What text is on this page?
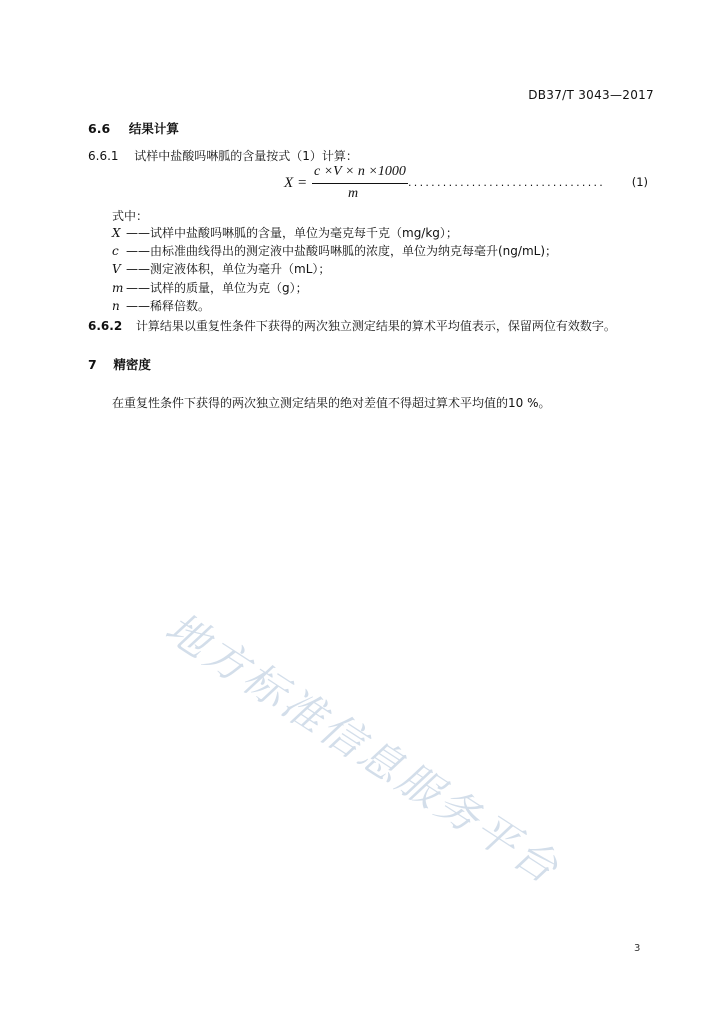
DB37/T 3043—2017
6.6 结果计算
6.6.1 试样中盐酸吗啉胍的含量按式（1）计算：
X =
c ×V × n ×1000
m
.................................. (1)
式中：
X ——试样中盐酸吗啉胍的含量，单位为毫克每千克（mg/kg）；
c ——由标准曲线得出的测定液中盐酸吗啉胍的浓度，单位为纳克每毫升(ng/mL)；
V ——测定液体积，单位为毫升（mL）；
m ——试样的质量，单位为克（g）；
n ——稀释倍数。
6.6.2 计算结果以重复性条件下获得的两次独立测定结果的算术平均值表示，保留两位有效数字。
7 精密度
在重复性条件下获得的两次独立测定结果的绝对差值不得超过算术平均值的10 %。
地方标准信息服务平台
3
